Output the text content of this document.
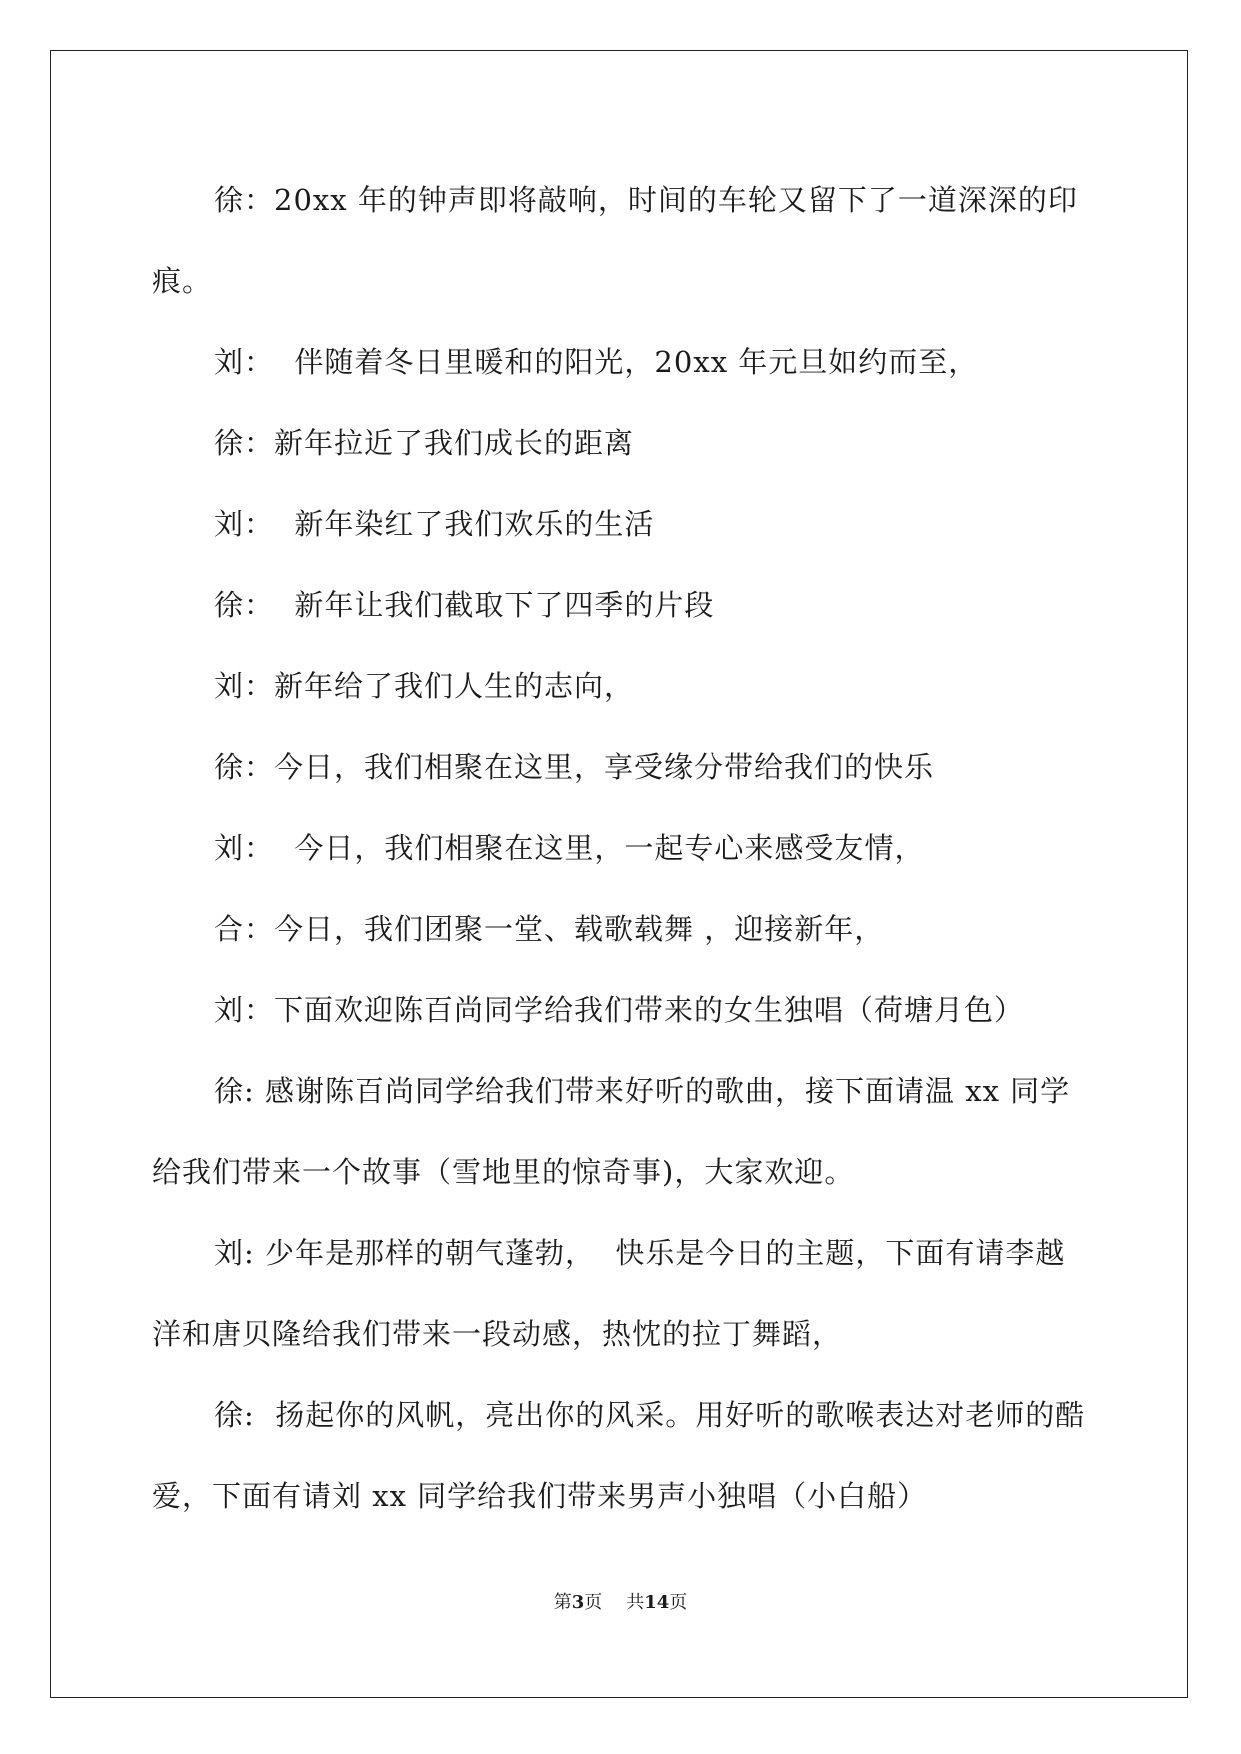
徐：20xx 年的钟声即将敲响，时间的车轮又留下了一道深深的印痕。

刘：  伴随着冬日里暖和的阳光，20xx 年元旦如约而至，

徐：新年拉近了我们成长的距离

刘：  新年染红了我们欢乐的生活

徐：  新年让我们截取下了四季的片段

刘：新年给了我们人生的志向，

徐：今日，我们相聚在这里，享受缘分带给我们的快乐

刘：  今日，我们相聚在这里，一起专心来感受友情，

合：今日，我们团聚一堂、载歌载舞 ，迎接新年，

刘：下面欢迎陈百尚同学给我们带来的女生独唱（荷塘月色）

徐: 感谢陈百尚同学给我们带来好听的歌曲，接下面请温 xx 同学给我们带来一个故事（雪地里的惊奇事)，大家欢迎。

刘: 少年是那样的朝气蓬勃，  快乐是今日的主题，下面有请李越洋和唐贝隆给我们带来一段动感，热忱的拉丁舞蹈，

徐:  扬起你的风帆，亮出你的风采。用好听的歌喉表达对老师的酷爱，下面有请刘 xx 同学给我们带来男声小独唱（小白船）

第3页 共14页
